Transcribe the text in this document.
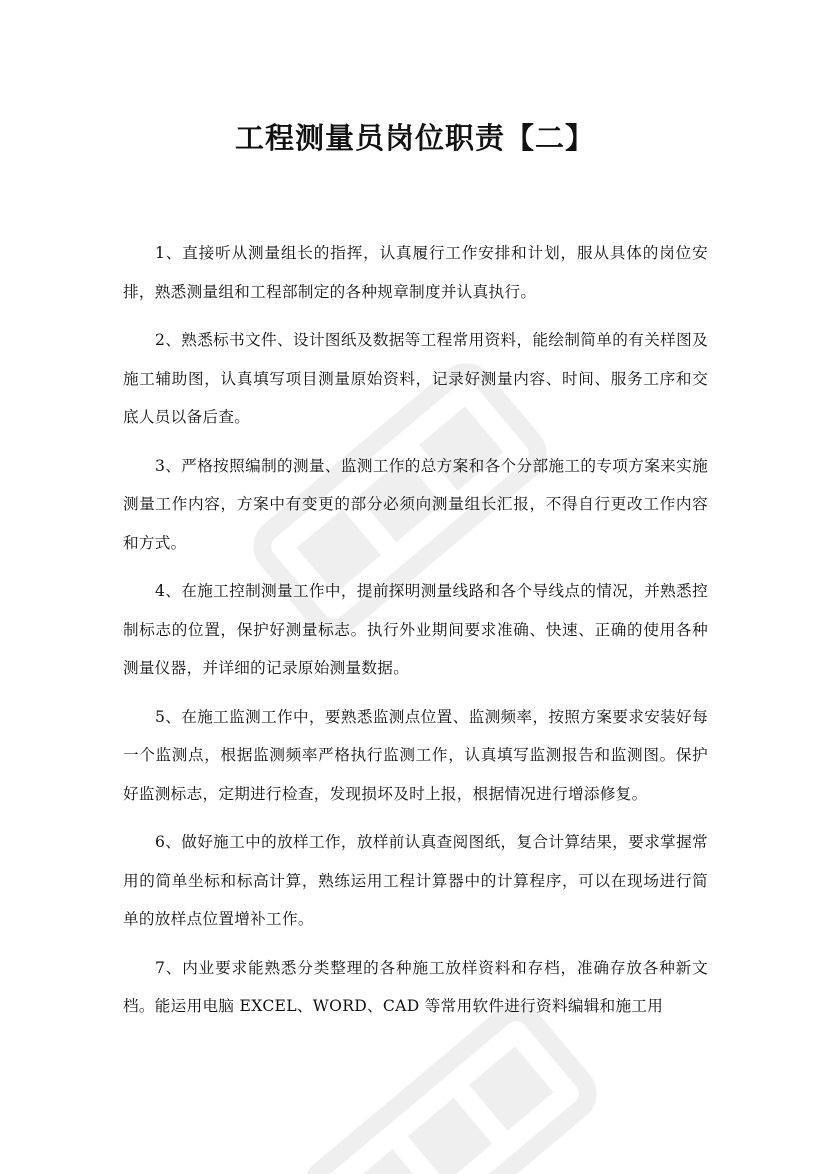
工程测量员岗位职责【二】

1、直接听从测量组长的指挥，认真履行工作安排和计划，服从具体的岗位安排，熟悉测量组和工程部制定的各种规章制度并认真执行。

2、熟悉标书文件、设计图纸及数据等工程常用资料，能绘制简单的有关样图及施工辅助图，认真填写项目测量原始资料，记录好测量内容、时间、服务工序和交底人员以备后查。

3、严格按照编制的测量、监测工作的总方案和各个分部施工的专项方案来实施测量工作内容，方案中有变更的部分必须向测量组长汇报，不得自行更改工作内容和方式。

4、在施工控制测量工作中，提前探明测量线路和各个导线点的情况，并熟悉控制标志的位置，保护好测量标志。执行外业期间要求准确、快速、正确的使用各种测量仪器，并详细的记录原始测量数据。

5、在施工监测工作中，要熟悉监测点位置、监测频率，按照方案要求安装好每一个监测点，根据监测频率严格执行监测工作，认真填写监测报告和监测图。保护好监测标志，定期进行检查，发现损坏及时上报，根据情况进行增添修复。

6、做好施工中的放样工作，放样前认真查阅图纸，复合计算结果，要求掌握常用的简单坐标和标高计算，熟练运用工程计算器中的计算程序，可以在现场进行简单的放样点位置增补工作。

7、内业要求能熟悉分类整理的各种施工放样资料和存档，准确存放各种新文档。能运用电脑 EXCEL、WORD、CAD 等常用软件进行资料编辑和施工用
